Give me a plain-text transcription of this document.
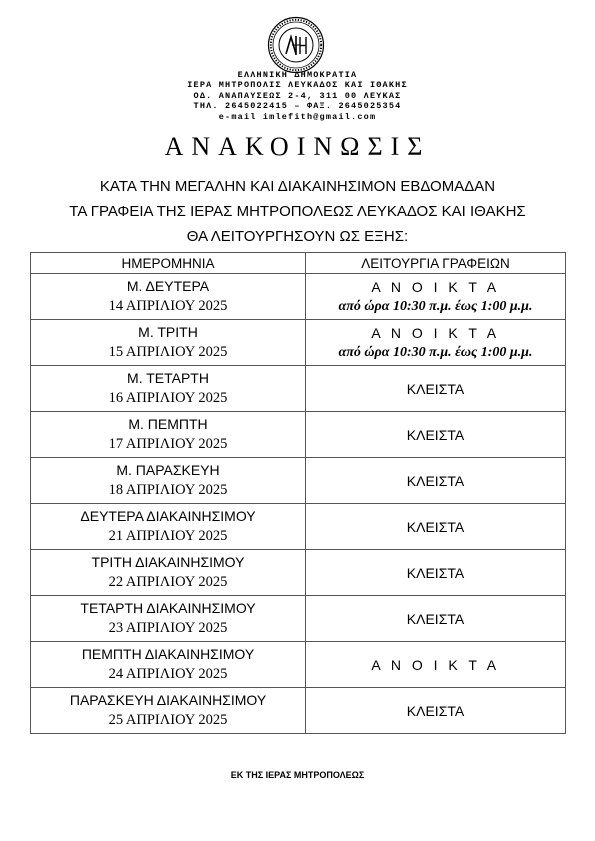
ΕΛΛΗΝΙΚΗ ΔΗΜΟΚΡΑΤΙΑ
ΙΕΡΑ ΜΗΤΡΟΠΟΛΙΣ ΛΕΥΚΑΔΟΣ ΚΑΙ ΙΘΑΚΗΣ
ΟΔ. ΑΝΑΠΑΥΣΕΩΣ 2-4, 311 00 ΛΕΥΚΑΣ
ΤΗΛ. 2645022415 – ΦΑΞ. 2645025354
e-mail imlefith@gmail.com
ΑΝΑΚΟΙΝΩΣΙΣ
ΚΑΤΑ ΤΗΝ ΜΕΓΑΛΗΝ ΚΑΙ ΔΙΑΚΑΙΝΗΣΙΜΟΝ ΕΒΔΟΜΑΔΑΝ
ΤΑ ΓΡΑΦΕΙΑ ΤΗΣ ΙΕΡΑΣ ΜΗΤΡΟΠΟΛΕΩΣ ΛΕΥΚΑΔΟΣ ΚΑΙ ΙΘΑΚΗΣ
ΘΑ ΛΕΙΤΟΥΡΓΗΣΟΥΝ ΩΣ ΕΞΗΣ:
ΗΜΕΡΟΜΗΝΙΑ	ΛΕΙΤΟΥΡΓΙΑ ΓΡΑΦΕΙΩΝ

Μ. ΔΕΥΤΕΡΑ
14 ΑΠΡΙΛΙΟΥ 2025	Α Ν Ο Ι Κ Τ Α
από ώρα 10:30 π.μ. έως 1:00 μ.μ.

Μ. ΤΡΙΤΗ
15 ΑΠΡΙΛΙΟΥ 2025	Α Ν Ο Ι Κ Τ Α
από ώρα 10:30 π.μ. έως 1:00 μ.μ.

Μ. ΤΕΤΑΡΤΗ
16 ΑΠΡΙΛΙΟΥ 2025	ΚΛΕΙΣΤΑ

Μ. ΠΕΜΠΤΗ
17 ΑΠΡΙΛΙΟΥ 2025	ΚΛΕΙΣΤΑ

Μ. ΠΑΡΑΣΚΕΥΗ
18 ΑΠΡΙΛΙΟΥ 2025	ΚΛΕΙΣΤΑ

ΔΕΥΤΕΡΑ ΔΙΑΚΑΙΝΗΣΙΜΟΥ
21 ΑΠΡΙΛΙΟΥ 2025	ΚΛΕΙΣΤΑ

ΤΡΙΤΗ ΔΙΑΚΑΙΝΗΣΙΜΟΥ
22 ΑΠΡΙΛΙΟΥ 2025	ΚΛΕΙΣΤΑ

ΤΕΤΑΡΤΗ ΔΙΑΚΑΙΝΗΣΙΜΟΥ
23 ΑΠΡΙΛΙΟΥ 2025	ΚΛΕΙΣΤΑ

ΠΕΜΠΤΗ ΔΙΑΚΑΙΝΗΣΙΜΟΥ
24 ΑΠΡΙΛΙΟΥ 2025	Α Ν Ο Ι Κ Τ Α

ΠΑΡΑΣΚΕΥΗ ΔΙΑΚΑΙΝΗΣΙΜΟΥ
25 ΑΠΡΙΛΙΟΥ 2025	ΚΛΕΙΣΤΑ
ΕΚ ΤΗΣ ΙΕΡΑΣ ΜΗΤΡΟΠΟΛΕΩΣ
